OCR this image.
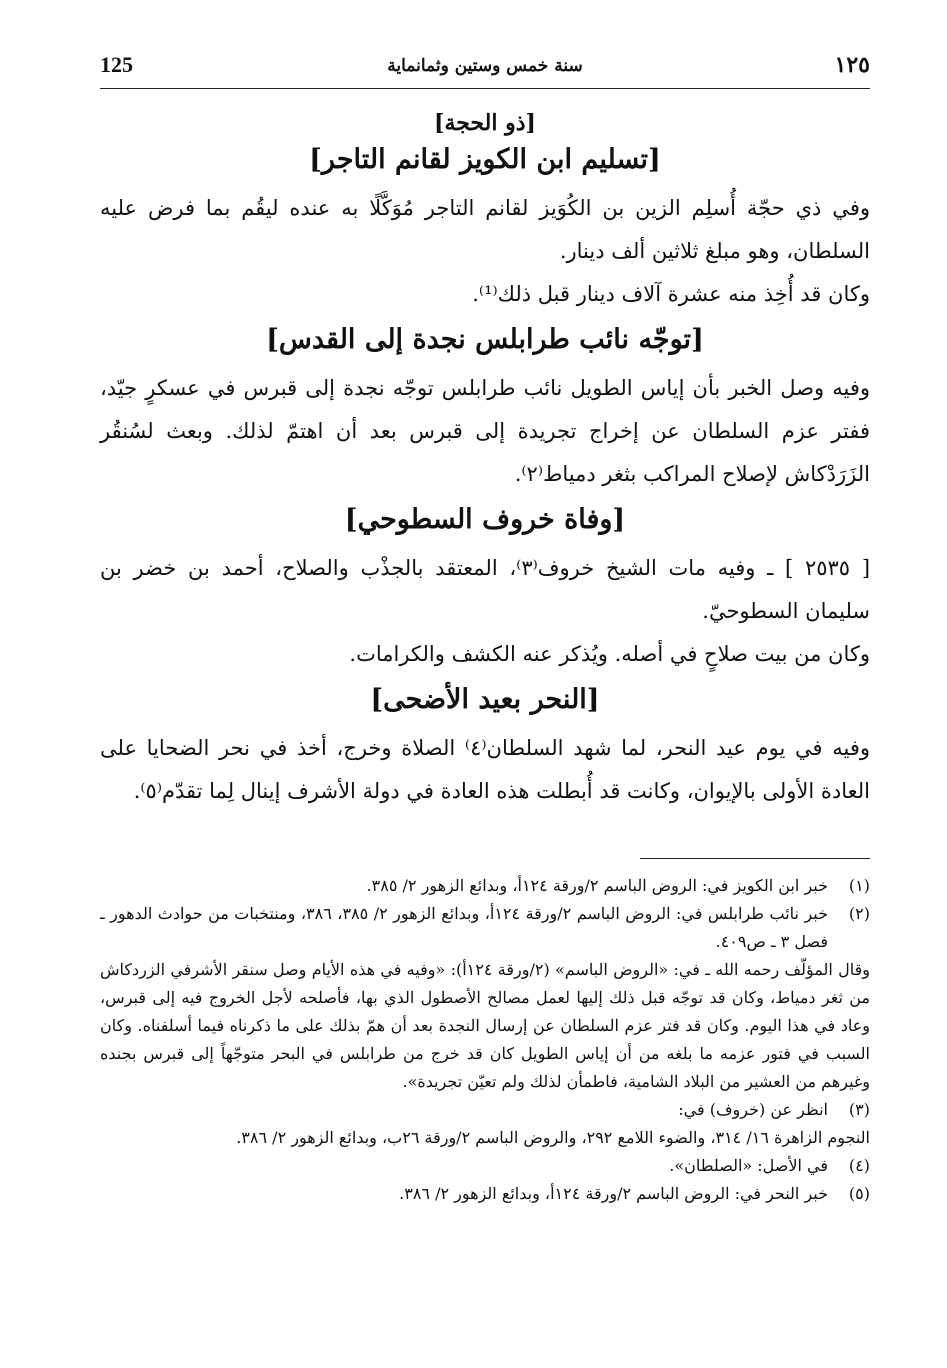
125	سنة خمس وستين وثمانماية	١٢٥
[ذو الحجة]
[تسليم ابن الكويز لقانم التاجر]

وفي ذي حجّة أُسلِم الزين بن الكُوَيز لقانم التاجر مُوَكَّلًا به عنده ليقُم بما فرض عليه السلطان، وهو مبلغ ثلاثين ألف دينار.

وكان قد أُخِذ منه عشرة آلاف دينار قبل ذلك⁽¹⁾.

[توجّه نائب طرابلس نجدة إلى القدس]

وفيه وصل الخبر بأن إياس الطويل نائب طرابلس توجّه نجدة إلى قبرس في عسكرٍ جيّد، ففتر عزم السلطان عن إخراج تجريدة إلى قبرس بعد أن اهتمّ لذلك. وبعث لسُنقُر الزَرَدْكاش لإصلاح المراكب بثغر دمياط⁽٢⁾.

[وفاة خروف السطوحي]

[ ٢٥٣٥ ] ـ وفيه مات الشيخ خروف⁽٣⁾، المعتقد بالجذْب والصلاح، أحمد بن خضر بن سليمان السطوحيّ.

وكان من بيت صلاحٍ في أصله. ويُذكر عنه الكشف والكرامات.

[النحر بعيد الأضحى]

وفيه في يوم عيد النحر، لما شهد السلطان⁽٤⁾ الصلاة وخرج، أخذ في نحر الضحايا على العادة الأولى بالإيوان، وكانت قد أُبطلت هذه العادة في دولة الأشرف إينال لِما تقدّم⁽٥⁾.

(١)
خبر ابن الكويز في: الروض الباسم ٢/ورقة ١٢٤أ، وبدائع الزهور ٢/ ٣٨٥.
(٢)
خبر نائب طرابلس في: الروض الباسم ٢/ورقة ١٢٤أ، وبدائع الزهور ٢/ ٣٨٥، ٣٨٦، ومنتخبات من حوادث الدهور ـ فصل ٣ ـ ص٤٠٩.
وقال المؤلّف رحمه الله ـ في: «الروض الباسم» (٢/ورقة ١٢٤أ): «وفيه في هذه الأيام وصل سنقر الأشرفي الزردكاش من ثغر دمياط، وكان قد توجّه قبل ذلك إليها لعمل مصالح الأصطول الذي بها، فأصلحه لأجل الخروج فيه إلى قبرس، وعاد في هذا اليوم. وكان قد فتر عزم السلطان عن إرسال النجدة بعد أن همّ بذلك على ما ذكرناه فيما أسلفناه. وكان السبب في فتور عزمه ما بلغه من أن إياس الطويل كان قد خرج من طرابلس في البحر متوجّهاً إلى قبرس بجنده وغيرهم من العشير من البلاد الشامية، فاطمأن لذلك ولم تعيّن تجريدة».
(٣)
انظر عن (خروف) في:
النجوم الزاهرة ١٦/ ٣١٤، والضوء اللامع ٢٩٢، والروض الباسم ٢/ورقة ٢٦ب، وبدائع الزهور ٢/ ٣٨٦.
(٤)
في الأصل: «الصلطان».
(٥)
خبر النحر في: الروض الباسم ٢/ورقة ١٢٤أ، وبدائع الزهور ٢/ ٣٨٦.
